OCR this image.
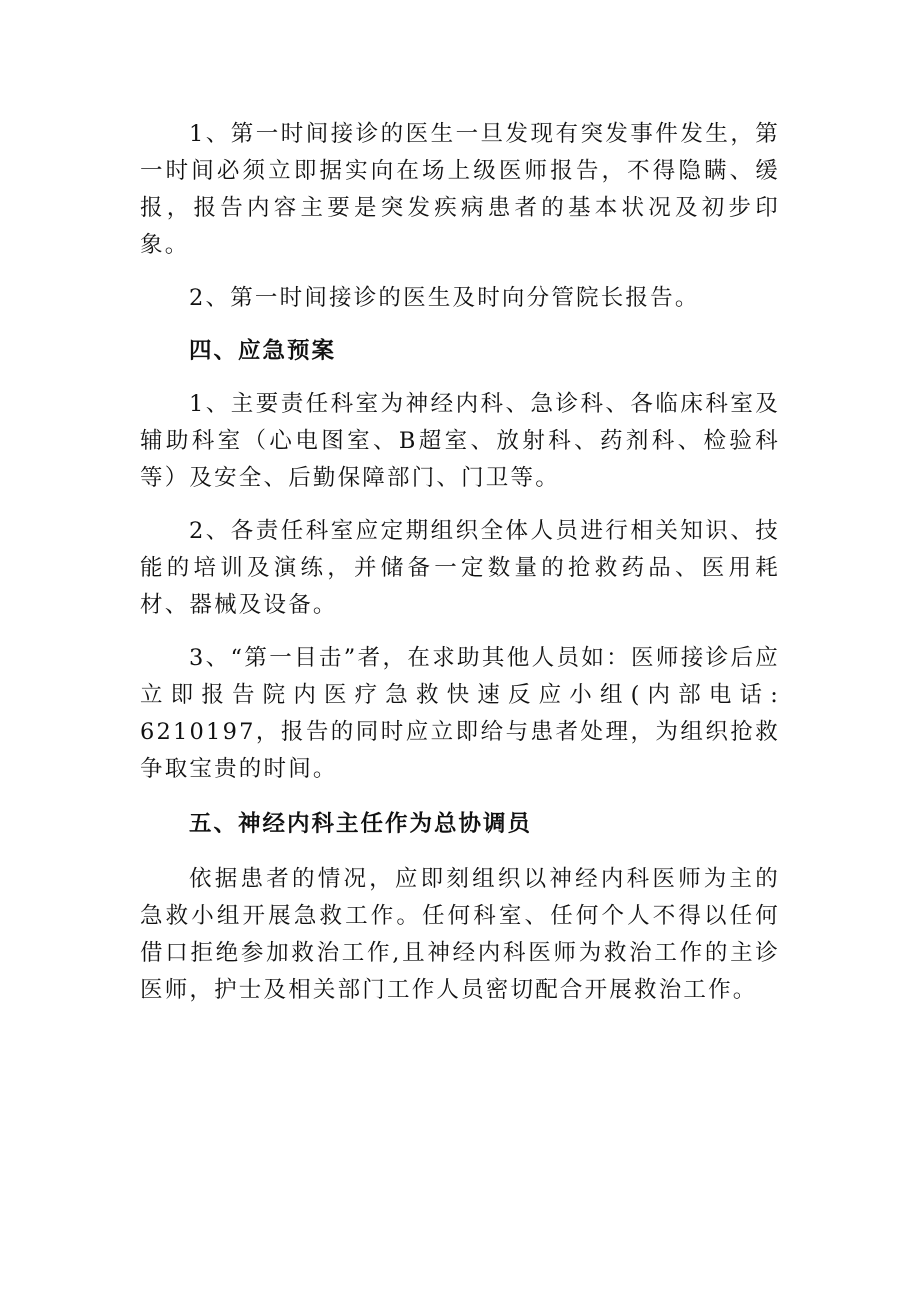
1、第一时间接诊的医生一旦发现有突发事件发生，第一时间必须立即据实向在场上级医师报告，不得隐瞒、缓报，报告内容主要是突发疾病患者的基本状况及初步印象。

2、第一时间接诊的医生及时向分管院长报告。

四、应急预案

1、主要责任科室为神经内科、急诊科、各临床科室及辅助科室（心电图室、B超室、放射科、药剂科、检验科等）及安全、后勤保障部门、门卫等。

2、各责任科室应定期组织全体人员进行相关知识、技能的培训及演练，并储备一定数量的抢救药品、医用耗材、器械及设备。

3、“第一目击”者，在求助其他人员如：医师接诊后应立即报告院内医疗急救快速反应小组(内部电话: 6210197，报告的同时应立即给与患者处理，为组织抢救争取宝贵的时间。

五、神经内科主任作为总协调员

依据患者的情况，应即刻组织以神经内科医师为主的急救小组开展急救工作。任何科室、任何个人不得以任何借口拒绝参加救治工作,且神经内科医师为救治工作的主诊医师，护士及相关部门工作人员密切配合开展救治工作。
